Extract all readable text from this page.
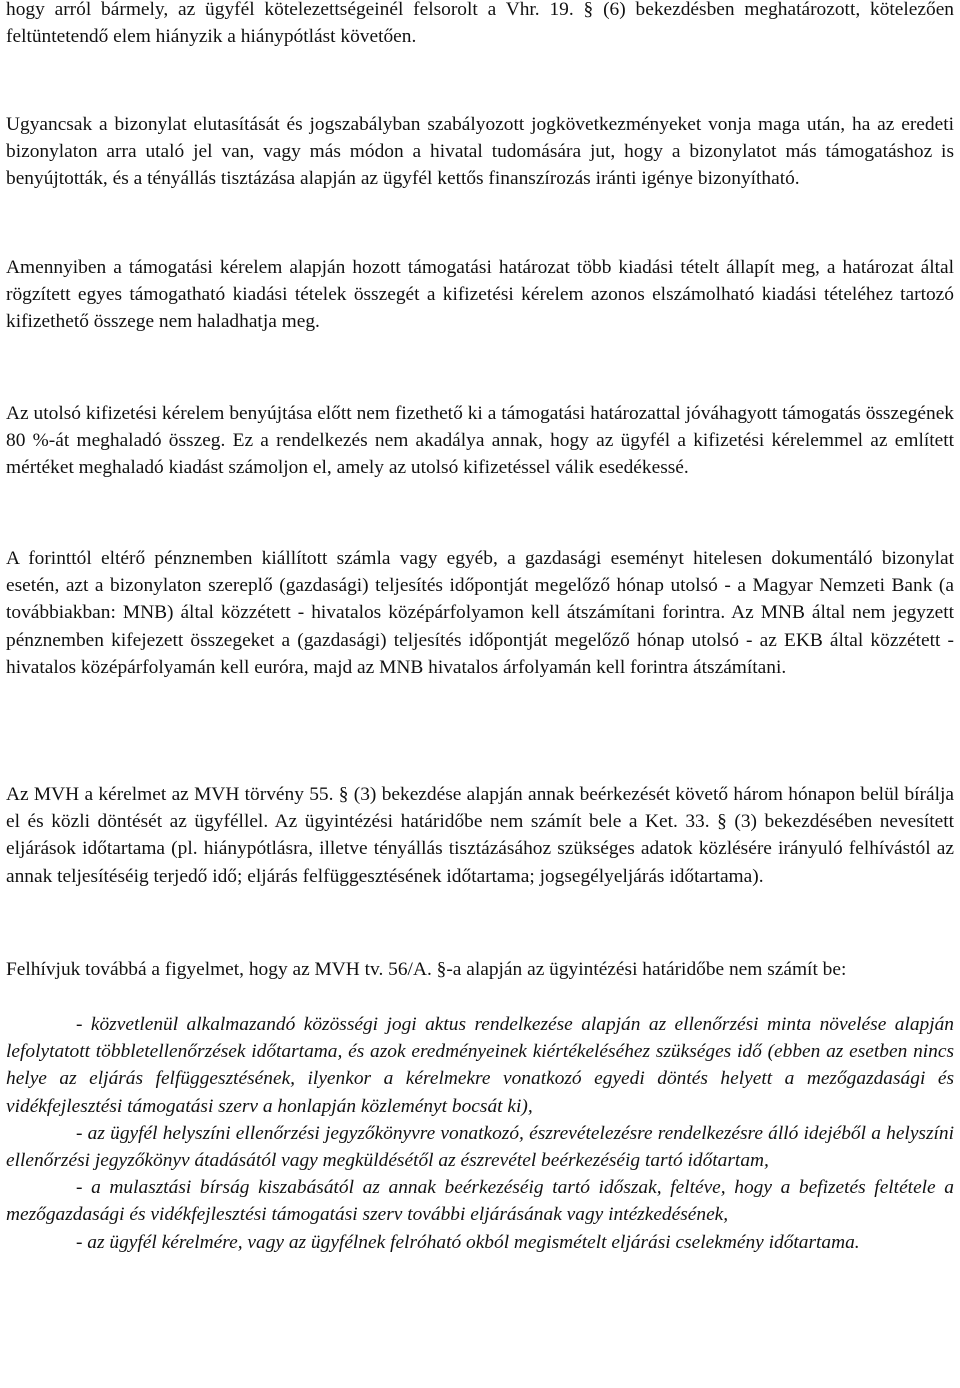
hogy arról bármely, az ügyfél kötelezettségeinél felsorolt a Vhr. 19. § (6) bekezdésben meghatározott, kötelezően feltüntetendő elem hiányzik a hiánypótlást követően.

Ugyancsak a bizonylat elutasítását és jogszabályban szabályozott jogkövetkezményeket vonja maga után, ha az eredeti bizonylaton arra utaló jel van, vagy más módon a hivatal tudomására jut, hogy a bizonylatot más támogatáshoz is benyújtották, és a tényállás tisztázása alapján az ügyfél kettős finanszírozás iránti igénye bizonyítható.

Amennyiben a támogatási kérelem alapján hozott támogatási határozat több kiadási tételt állapít meg, a határozat által rögzített egyes támogatható kiadási tételek összegét a kifizetési kérelem azonos elszámolható kiadási tételéhez tartozó kifizethető összege nem haladhatja meg.

Az utolsó kifizetési kérelem benyújtása előtt nem fizethető ki a támogatási határozattal jóváhagyott támogatás összegének 80 %-át meghaladó összeg. Ez a rendelkezés nem akadálya annak, hogy az ügyfél a kifizetési kérelemmel az említett mértéket meghaladó kiadást számoljon el, amely az utolsó kifizetéssel válik esedékessé.

A forinttól eltérő pénznemben kiállított számla vagy egyéb, a gazdasági eseményt hitelesen dokumentáló bizonylat esetén, azt a bizonylaton szereplő (gazdasági) teljesítés időpontját megelőző hónap utolsó - a Magyar Nemzeti Bank (a továbbiakban: MNB) által közzétett - hivatalos középárfolyamon kell átszámítani forintra. Az MNB által nem jegyzett pénznemben kifejezett összegeket a (gazdasági) teljesítés időpontját megelőző hónap utolsó - az EKB által közzétett - hivatalos középárfolyamán kell euróra, majd az MNB hivatalos árfolyamán kell forintra átszámítani.

Az MVH a kérelmet az MVH törvény 55. § (3) bekezdése alapján annak beérkezését követő három hónapon belül bírálja el és közli döntését az ügyféllel. Az ügyintézési határidőbe nem számít bele a Ket. 33. § (3) bekezdésében nevesített eljárások időtartama (pl. hiánypótlásra, illetve tényállás tisztázásához szükséges adatok közlésére irányuló felhívástól az annak teljesítéséig terjedő idő; eljárás felfüggesztésének időtartama; jogsegélyeljárás időtartama).

Felhívjuk továbbá a figyelmet, hogy az MVH tv. 56/A. §-a alapján az ügyintézési határidőbe nem számít be:

- közvetlenül alkalmazandó közösségi jogi aktus rendelkezése alapján az ellenőrzési minta növelése alapján lefolytatott többletellenőrzések időtartama, és azok eredményeinek kiértékeléséhez szükséges idő (ebben az esetben nincs helye az eljárás felfüggesztésének, ilyenkor a kérelmekre vonatkozó egyedi döntés helyett a mezőgazdasági és vidékfejlesztési támogatási szerv a honlapján közleményt bocsát ki),

- az ügyfél helyszíni ellenőrzési jegyzőkönyvre vonatkozó, észrevételezésre rendelkezésre álló idejéből a helyszíni ellenőrzési jegyzőkönyv átadásától vagy megküldésétől az észrevétel beérkezéséig tartó időtartam,

- a mulasztási bírság kiszabásától az annak beérkezéséig tartó időszak, feltéve, hogy a befizetés feltétele a mezőgazdasági és vidékfejlesztési támogatási szerv további eljárásának vagy intézkedésének,

- az ügyfél kérelmére, vagy az ügyfélnek felróható okból megismételt eljárási cselekmény időtartama.
